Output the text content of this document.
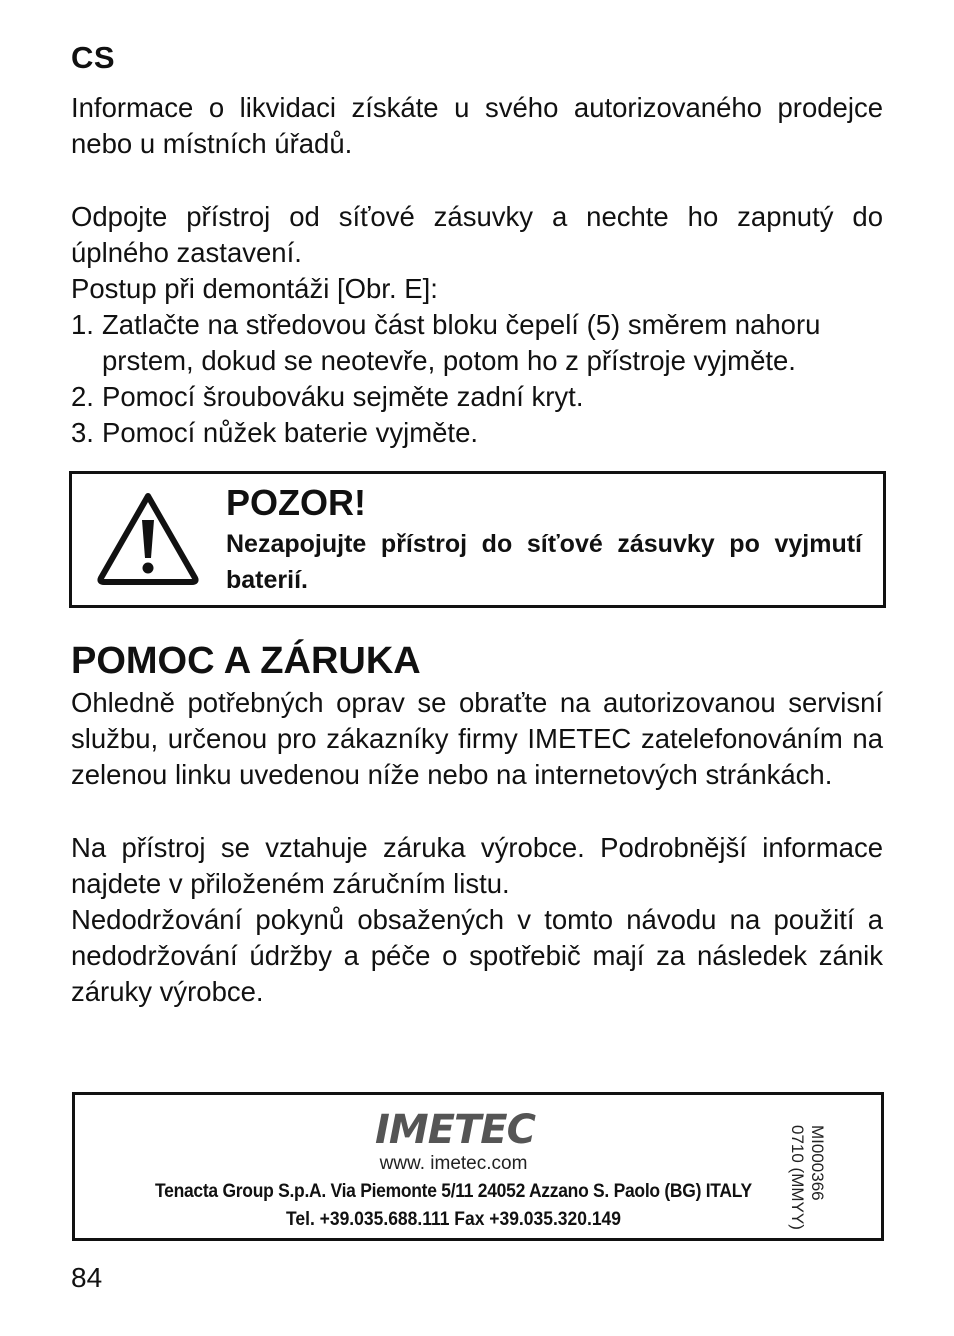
CS
Informace o likvidaci získáte u svého autorizovaného prodejce nebo u místních úřadů.
Odpojte přístroj od síťové zásuvky a nechte ho zapnutý do úplného zastavení.
Postup při demontáži [Obr. E]:
1. Zatlačte na středovou část bloku čepelí (5) směrem nahoru prstem, dokud se neotevře, potom ho z přístroje vyjměte.
2. Pomocí šroubováku sejměte zadní kryt.
3. Pomocí nůžek baterie vyjměte.
POZOR!
Nezapojujte přístroj do síťové zásuvky po vyjmutí baterií.
POMOC A ZÁRUKA
Ohledně potřebných oprav se obraťte na autorizovanou servisní službu, určenou pro zákazníky firmy IMETEC zatelefonováním na zelenou linku uvedenou níže nebo na internetových stránkách.
Na přístroj se vztahuje záruka výrobce. Podrobnější informace najdete v přiloženém záručním listu.
Nedodržování pokynů obsažených v tomto návodu na použití a nedodržování údržby a péče o spotřebič mají za následek zánik záruky výrobce.
IMETEC
www. imetec.com
Tenacta Group S.p.A. Via Piemonte 5/11 24052 Azzano S. Paolo (BG) ITALY
Tel. +39.035.688.111 Fax +39.035.320.149
MI000366
0710 (MMYY)
84
